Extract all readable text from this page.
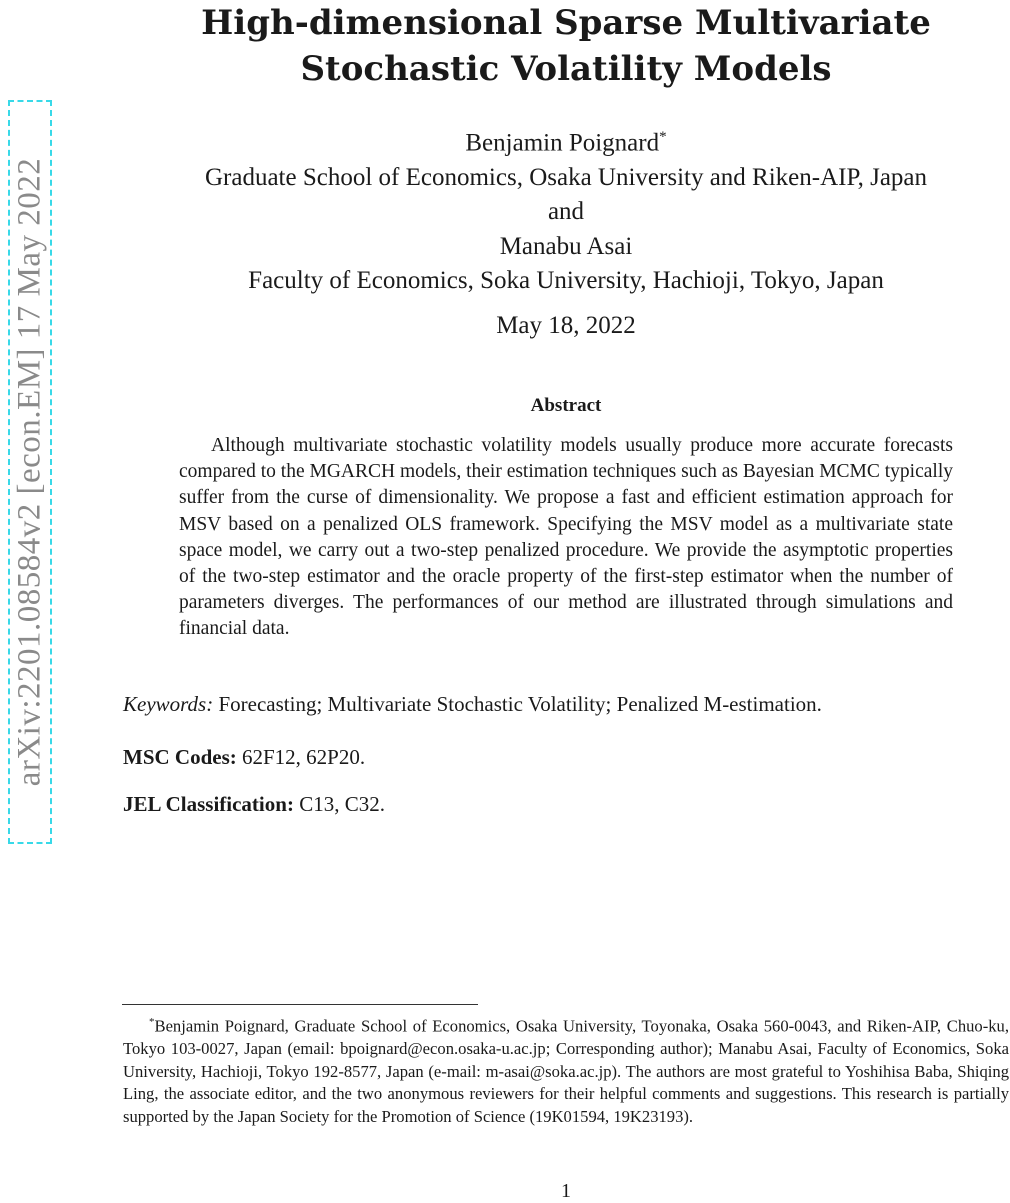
arXiv:2201.08584v2 [econ.EM] 17 May 2022
High-dimensional Sparse Multivariate
Stochastic Volatility Models
Benjamin Poignard*
Graduate School of Economics, Osaka University and Riken-AIP, Japan
and
Manabu Asai
Faculty of Economics, Soka University, Hachioji, Tokyo, Japan
May 18, 2022
Abstract

Although multivariate stochastic volatility models usually produce more accurate forecasts compared to the MGARCH models, their estimation techniques such as Bayesian MCMC typically suffer from the curse of dimensionality. We propose a fast and efficient estimation approach for MSV based on a penalized OLS framework. Specifying the MSV model as a multivariate state space model, we carry out a two-step penalized procedure. We provide the asymptotic properties of the two-step estimator and the oracle property of the first-step estimator when the number of parameters diverges. The performances of our method are illustrated through simulations and financial data.

Keywords: Forecasting; Multivariate Stochastic Volatility; Penalized M-estimation.
MSC Codes: 62F12, 62P20.
JEL Classification: C13, C32.

*Benjamin Poignard, Graduate School of Economics, Osaka University, Toyonaka, Osaka 560-0043, and Riken-AIP, Chuo-ku, Tokyo 103-0027, Japan (email: bpoignard@econ.osaka-u.ac.jp; Corresponding author); Manabu Asai, Faculty of Economics, Soka University, Hachioji, Tokyo 192-8577, Japan (e-mail: m-asai@soka.ac.jp). The authors are most grateful to Yoshihisa Baba, Shiqing Ling, the associate editor, and the two anonymous reviewers for their helpful comments and suggestions. This research is partially supported by the Japan Society for the Promotion of Science (19K01594, 19K23193).

1
